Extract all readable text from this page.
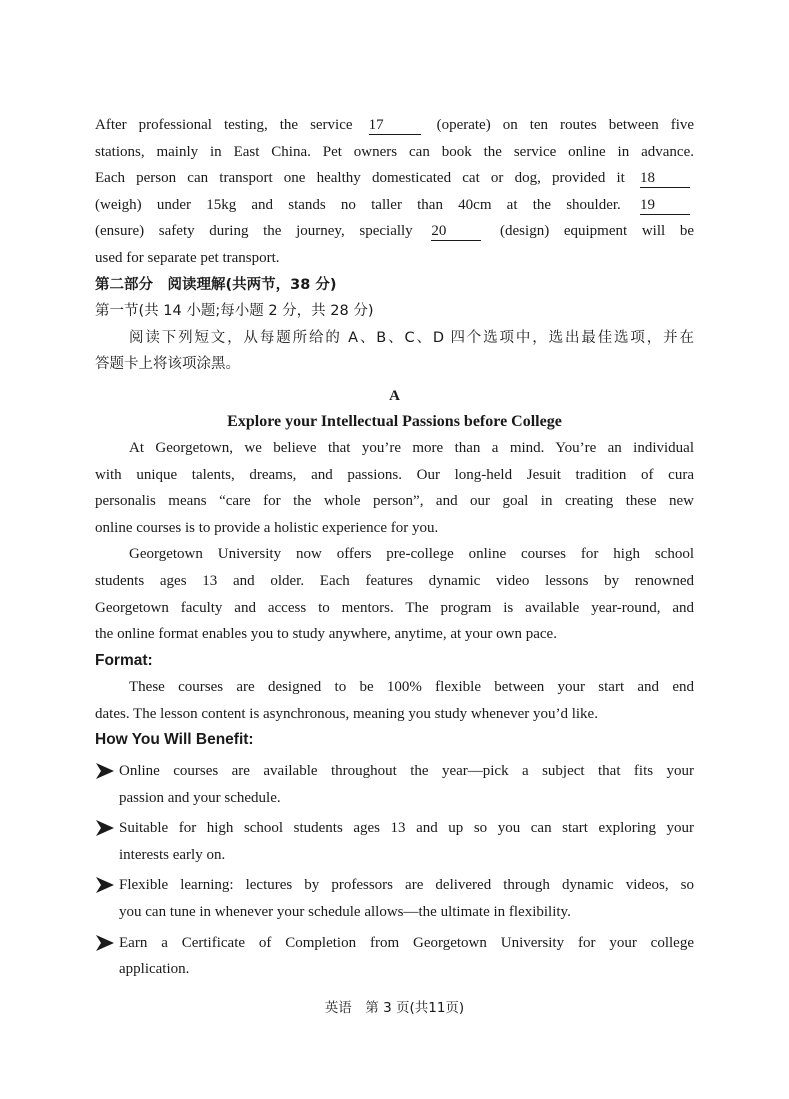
After professional testing, the service 17	(operate) on ten routes between five

stations, mainly in East China. Pet owners can book the service online in advance.

Each person can transport one healthy domesticated cat or dog, provided it 18

(weigh) under 15kg and stands no taller than 40cm at the shoulder. 19

(ensure) safety during the journey, specially 20	(design) equipment will be

used for separate pet transport.

第二部分　阅读理解(共两节，38 分)

第一节(共 14 小题;每小题 2 分，共 28 分)

阅读下列短文，从每题所给的 A、B、C、D 四个选项中，选出最佳选项，并在

答题卡上将该项涂黑。

A
Explore your Intellectual Passions before College

At Georgetown, we believe that you’re more than a mind. You’re an individual

with unique talents, dreams, and passions. Our long-held Jesuit tradition of cura

personalis means “care for the whole person”, and our goal in creating these new

online courses is to provide a holistic experience for you.

Georgetown University now offers pre-college online courses for high school

students ages 13 and older. Each features dynamic video lessons by renowned

Georgetown faculty and access to mentors. The program is available year-round, and

the online format enables you to study anywhere, anytime, at your own pace.

Format:

These courses are designed to be 100% flexible between your start and end

dates. The lesson content is asynchronous, meaning you study whenever you’d like.

How You Will Benefit:

Online courses are available throughout the year—pick a subject that fits your

passion and your schedule.

Suitable for high school students ages 13 and up so you can start exploring your

interests early on.

Flexible learning: lectures by professors are delivered through dynamic videos, so

you can tune in whenever your schedule allows—the ultimate in flexibility.

Earn a Certificate of Completion from Georgetown University for your college

application.

英语　第 3 页(共11页)
